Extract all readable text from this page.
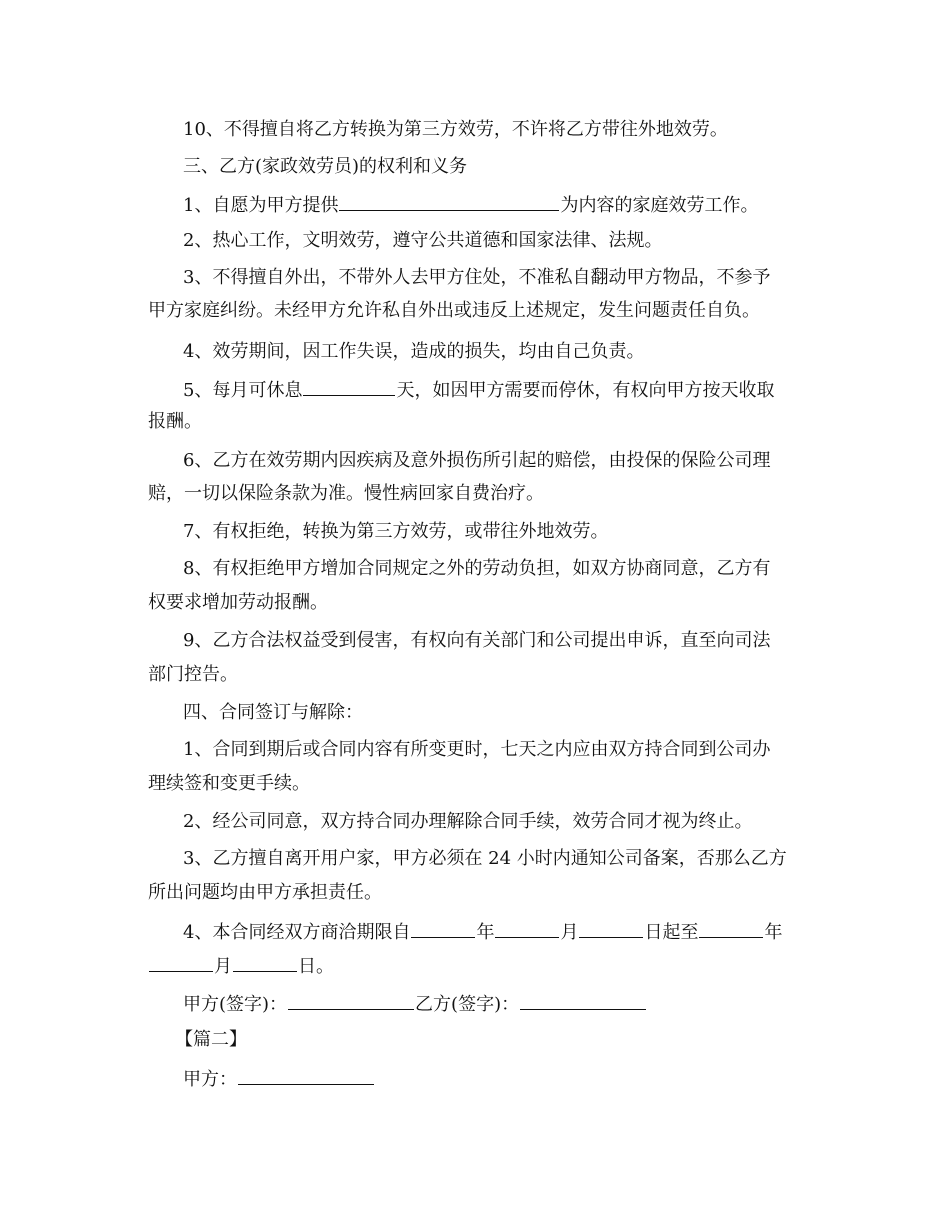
10、不得擅自将乙方转换为第三方效劳，不许将乙方带往外地效劳。
三、乙方(家政效劳员)的权利和义务
1、自愿为甲方提供	为内容的家庭效劳工作。
2、热心工作，文明效劳，遵守公共道德和国家法律、法规。
3、不得擅自外出，不带外人去甲方住处，不准私自翻动甲方物品，不参予
甲方家庭纠纷。未经甲方允许私自外出或违反上述规定，发生问题责任自负。
4、效劳期间，因工作失误，造成的损失，均由自己负责。
5、每月可休息	天，如因甲方需要而停休，有权向甲方按天收取
报酬。
6、乙方在效劳期内因疾病及意外损伤所引起的赔偿，由投保的保险公司理
赔，一切以保险条款为准。慢性病回家自费治疗。
7、有权拒绝，转换为第三方效劳，或带往外地效劳。
8、有权拒绝甲方增加合同规定之外的劳动负担，如双方协商同意，乙方有
权要求增加劳动报酬。
9、乙方合法权益受到侵害，有权向有关部门和公司提出申诉，直至向司法
部门控告。
四、合同签订与解除：
1、合同到期后或合同内容有所变更时，七天之内应由双方持合同到公司办
理续签和变更手续。
2、经公司同意，双方持合同办理解除合同手续，效劳合同才视为终止。
3、乙方擅自离开用户家，甲方必须在 24 小时内通知公司备案，否那么乙方
所出问题均由甲方承担责任。
4、本合同经双方商洽期限自	年	月	日起至	年
月	日。
甲方(签字)：	乙方(签字)：
【篇二】
甲方：
